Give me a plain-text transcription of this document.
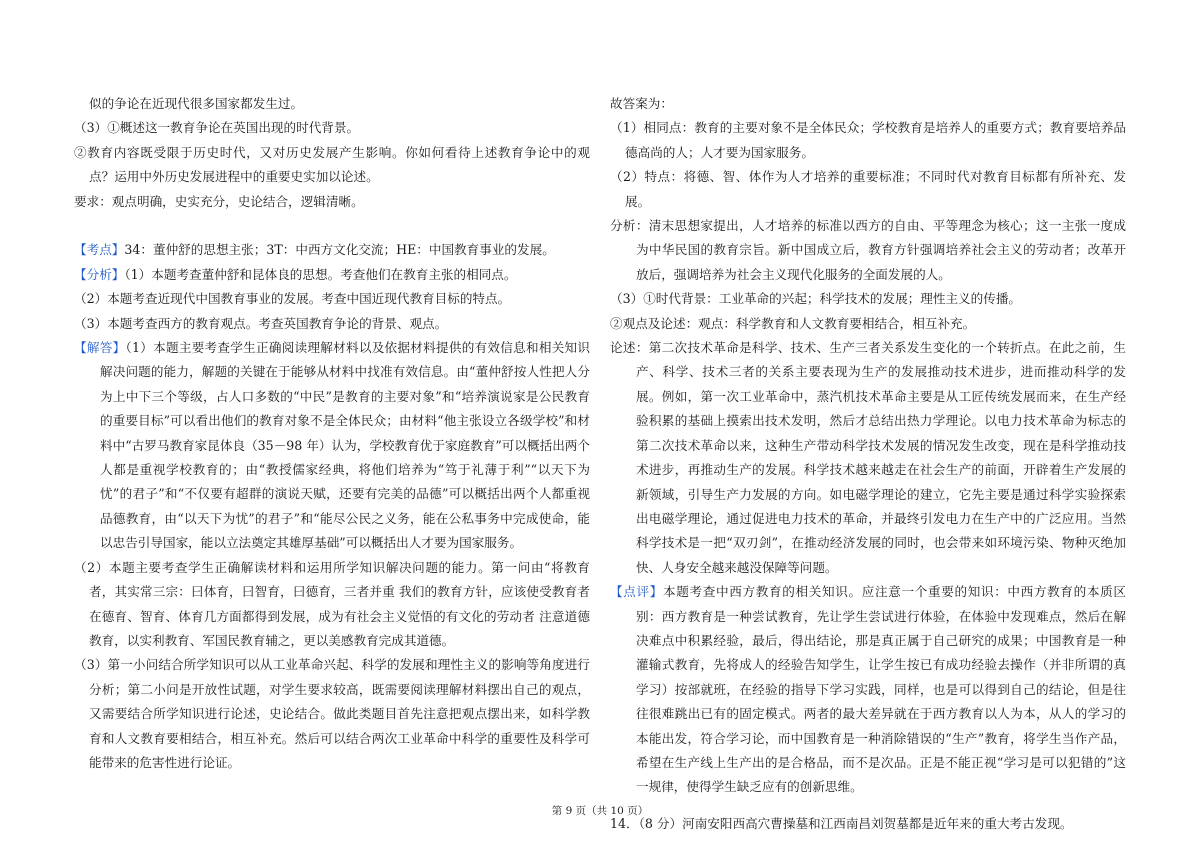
似的争论在近现代很多国家都发生过。

（3）①概述这一教育争论在英国出现的时代背景。

②教育内容既受限于历史时代，又对历史发展产生影响。你如何看待上述教育争论中的观点？运用中外历史发展进程中的重要史实加以论述。

要求：观点明确，史实充分，史论结合，逻辑清晰。

【考点】34：董仲舒的思想主张；3T：中西方文化交流；HE：中国教育事业的发展。

【分析】（1）本题考查董仲舒和昆体良的思想。考查他们在教育主张的相同点。

（2）本题考查近现代中国教育事业的发展。考查中国近现代教育目标的特点。

（3）本题考查西方的教育观点。考查英国教育争论的背景、观点。

【解答】（1）本题主要考查学生正确阅读理解材料以及依据材料提供的有效信息和相关知识解决问题的能力，解题的关键在于能够从材料中找准有效信息。由“董仲舒按人性把人分为上中下三个等级，占人口多数的“中民”是教育的主要对象”和“培养演说家是公民教育的重要目标”可以看出他们的教育对象不是全体民众；由材料“他主张设立各级学校”和材料中“古罗马教育家昆体良（35－98 年）认为，学校教育优于家庭教育”可以概括出两个人都是重视学校教育的；由“教授儒家经典，将他们培养为“笃于礼薄于利”“以天下为忧”的君子”和“不仅要有超群的演说天赋，还要有完美的品德”可以概括出两个人都重视品德教育，由“以天下为忧”的君子”和“能尽公民之义务，能在公私事务中完成使命，能以忠告引导国家，能以立法奠定其雄厚基础”可以概括出人才要为国家服务。

（2）本题主要考查学生正确解读材料和运用所学知识解决问题的能力。第一问由“将教育者，其实常三宗：曰体育，曰智育，曰德育，三者并重 我们的教育方针，应该使受教育者在德育、智育、体育几方面都得到发展，成为有社会主义觉悟的有文化的劳动者 注意道德教育，以实利教育、军国民教育辅之，更以美感教育完成其道德。

（3）第一小问结合所学知识可以从工业革命兴起、科学的发展和理性主义的影响等角度进行分析；第二小问是开放性试题，对学生要求较高，既需要阅读理解材料摆出自己的观点，又需要结合所学知识进行论述，史论结合。做此类题目首先注意把观点摆出来，如科学教育和人文教育要相结合，相互补充。然后可以结合两次工业革命中科学的重要性及科学可能带来的危害性进行论证。

故答案为：

（1）相同点：教育的主要对象不是全体民众；学校教育是培养人的重要方式；教育要培养品德高尚的人；人才要为国家服务。

（2）特点：将德、智、体作为人才培养的重要标准；不同时代对教育目标都有所补充、发展。

分析：清末思想家提出，人才培养的标准以西方的自由、平等理念为核心；这一主张一度成为中华民国的教育宗旨。新中国成立后，教育方针强调培养社会主义的劳动者；改革开放后，强调培养为社会主义现代化服务的全面发展的人。

（3）①时代背景：工业革命的兴起；科学技术的发展；理性主义的传播。

②观点及论述：观点：科学教育和人文教育要相结合，相互补充。

论述：第二次技术革命是科学、技术、生产三者关系发生变化的一个转折点。在此之前，生产、科学、技术三者的关系主要表现为生产的发展推动技术进步，进而推动科学的发展。例如，第一次工业革命中，蒸汽机技术革命主要是从工匠传统发展而来，在生产经验积累的基础上摸索出技术发明，然后才总结出热力学理论。以电力技术革命为标志的第二次技术革命以来，这种生产带动科学技术发展的情况发生改变，现在是科学推动技术进步，再推动生产的发展。科学技术越来越走在社会生产的前面，开辟着生产发展的新领域，引导生产力发展的方向。如电磁学理论的建立，它先主要是通过科学实验探索出电磁学理论，通过促进电力技术的革命，并最终引发电力在生产中的广泛应用。当然科学技术是一把“双刃剑”，在推动经济发展的同时，也会带来如环境污染、物种灭绝加快、人身安全越来越没保障等问题。

【点评】本题考查中西方教育的相关知识。应注意一个重要的知识：中西方教育的本质区别：西方教育是一种尝试教育，先让学生尝试进行体验，在体验中发现难点，然后在解决难点中积累经验，最后，得出结论，那是真正属于自己研究的成果；中国教育是一种灌输式教育，先将成人的经验告知学生，让学生按已有成功经验去操作（并非所谓的真学习）按部就班，在经验的指导下学习实践，同样，也是可以得到自己的结论，但是往往很难跳出已有的固定模式。两者的最大差异就在于西方教育以人为本，从人的学习的本能出发，符合学习论，而中国教育是一种消除错误的“生产”教育，将学生当作产品，希望在生产线上生产出的是合格品，而不是次品。正是不能正视“学习是可以犯错的”这一规律，使得学生缺乏应有的创新思维。

14．（8 分）河南安阳西高穴曹操墓和江西南昌刘贺墓都是近年来的重大考古发现。

第 9 页（共 10 页）
